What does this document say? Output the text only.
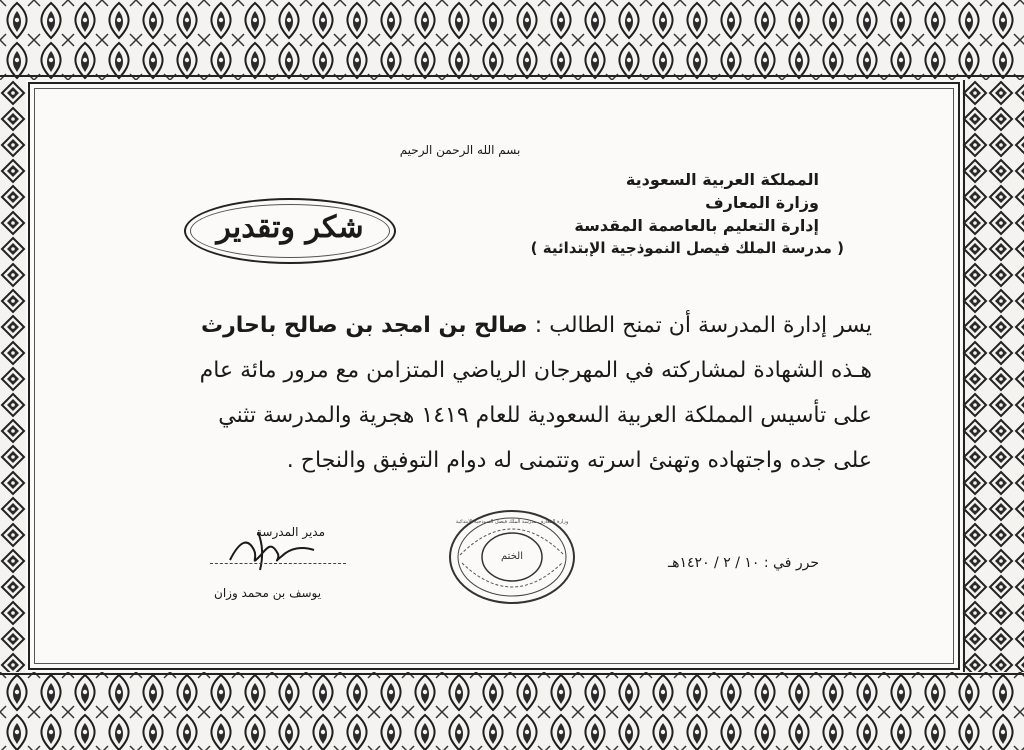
بسم الله الرحمن الرحيم
المملكة العربية السعودية
وزارة المعارف
إدارة التعليم بالعاصمة المقدسة
( مدرسة الملك فيصل النموذجية الإبتدائية )
شكر وتقدير
يسر إدارة المدرسة أن تمنح الطالب : صالح بن امجد بن صالح باحارث
هـذه الشهادة لمشاركته في المهرجان الرياضي المتزامن مع مرور مائة عام
على تأسيس المملكة العربية السعودية للعام ١٤١٩ هجرية والمدرسة تثني
على جده واجتهاده وتهنئ اسرته وتتمنى له دوام التوفيق والنجاح .
حرر في : ١٠ / ٢ / ١٤٢٠هـ
الختم
وزارة المعارف مدرسة الملك فيصل النموذجية الإبتدائية
مدير المدرسة
يوسف بن محمد وزان
